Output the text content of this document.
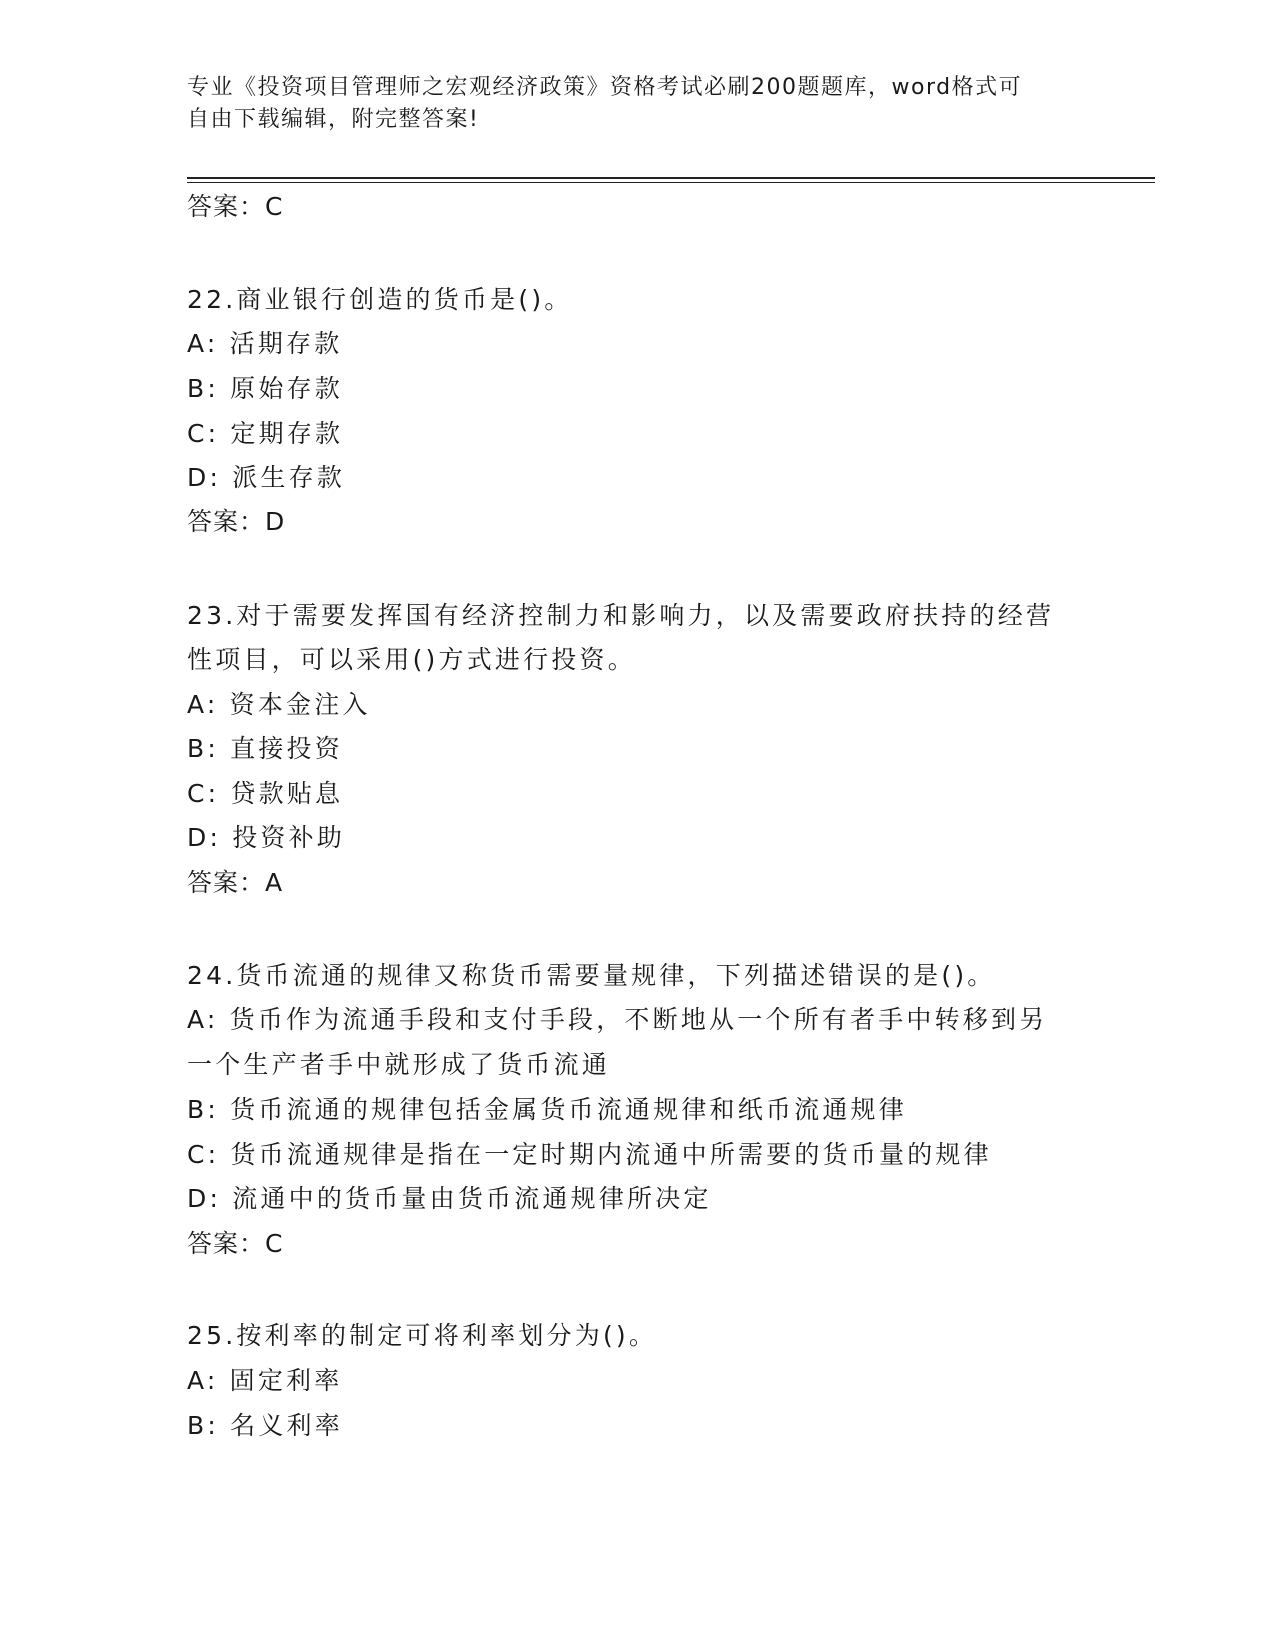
专业《投资项目管理师之宏观经济政策》资格考试必刷200题题库，word格式可
自由下载编辑，附完整答案!
答案：C
22.商业银行创造的货币是()。
A: 活期存款
B: 原始存款
C: 定期存款
D: 派生存款
答案：D
23.对于需要发挥国有经济控制力和影响力，以及需要政府扶持的经营
性项目，可以采用()方式进行投资。
A: 资本金注入
B: 直接投资
C: 贷款贴息
D: 投资补助
答案：A
24.货币流通的规律又称货币需要量规律，下列描述错误的是()。
A: 货币作为流通手段和支付手段，不断地从一个所有者手中转移到另
一个生产者手中就形成了货币流通
B: 货币流通的规律包括金属货币流通规律和纸币流通规律
C: 货币流通规律是指在一定时期内流通中所需要的货币量的规律
D: 流通中的货币量由货币流通规律所决定
答案：C
25.按利率的制定可将利率划分为()。
A: 固定利率
B: 名义利率
